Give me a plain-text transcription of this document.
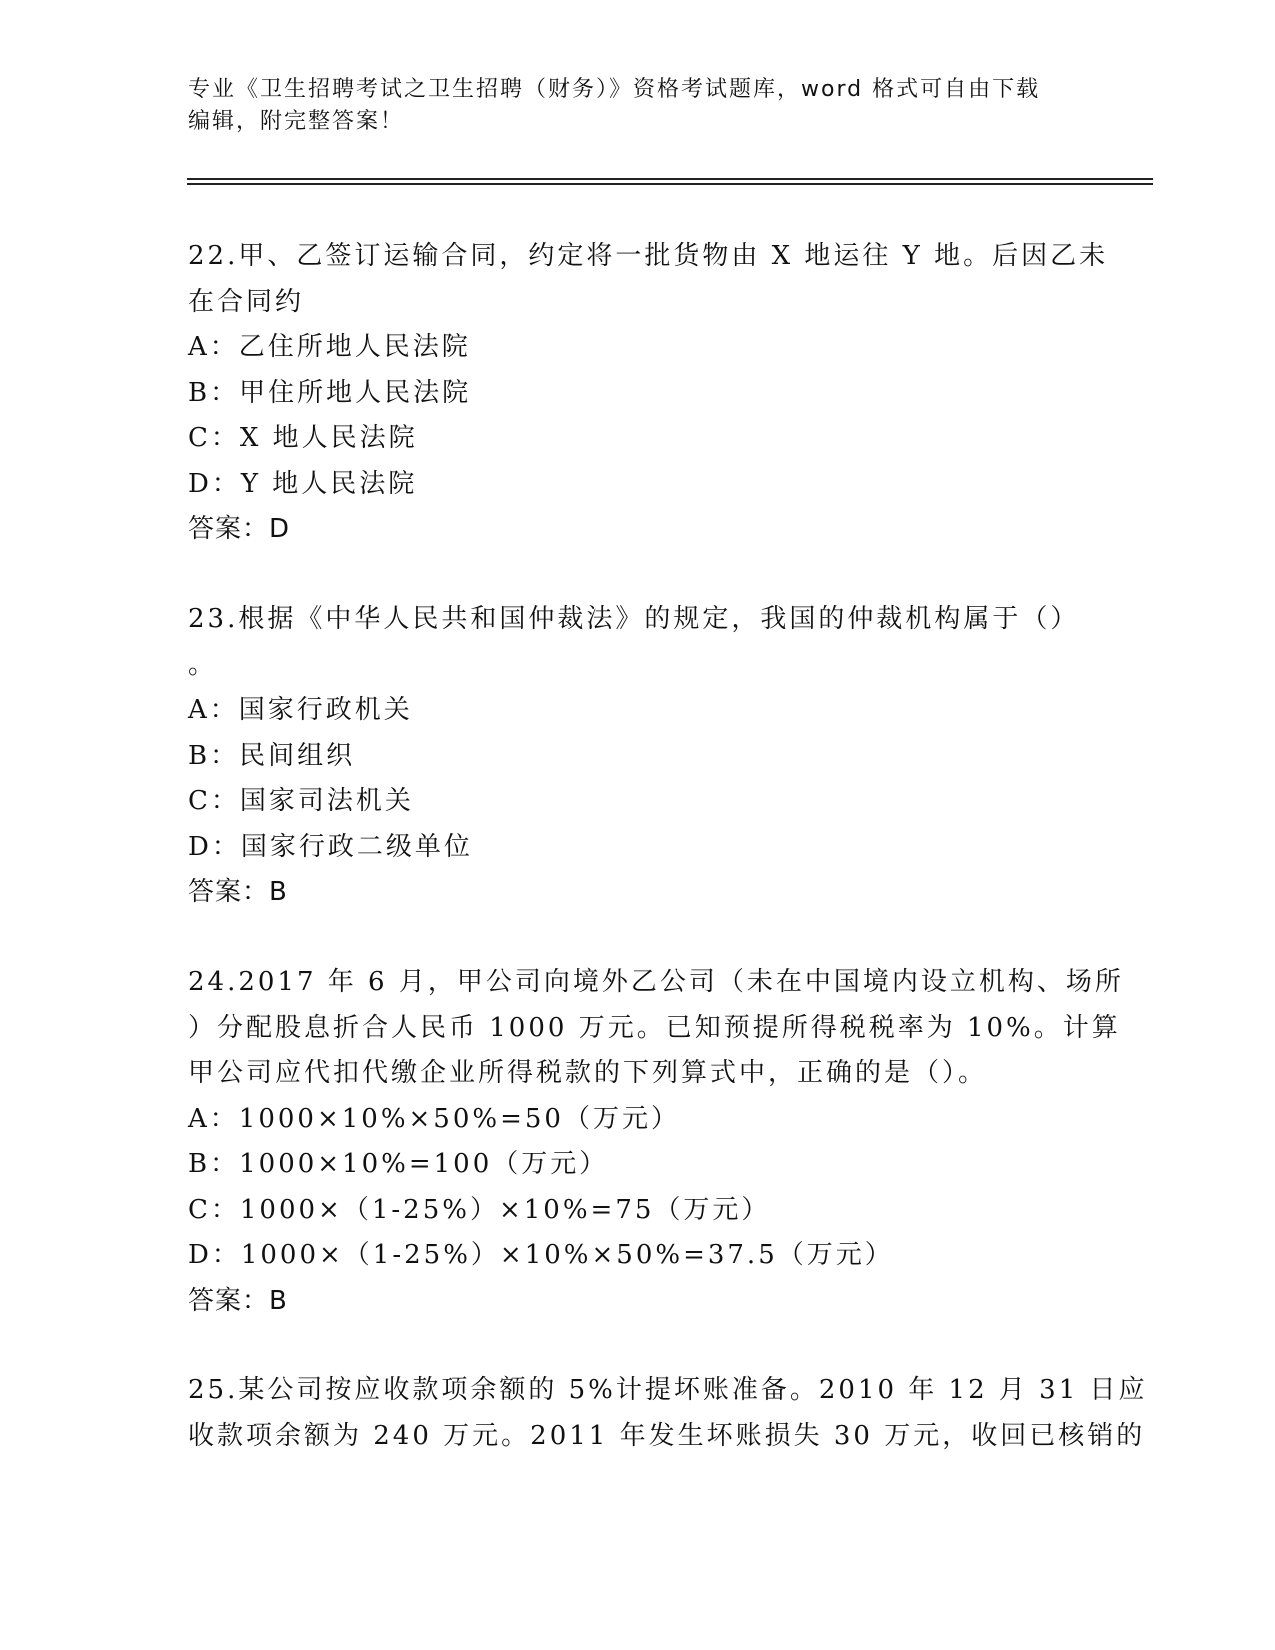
专业《卫生招聘考试之卫生招聘（财务）》资格考试题库，word 格式可自由下载
编辑，附完整答案！
22.甲、乙签订运输合同，约定将一批货物由 X 地运往 Y 地。后因乙未
在合同约
A：乙住所地人民法院
B：甲住所地人民法院
C：X 地人民法院
D：Y 地人民法院
答案：D
23.根据《中华人民共和国仲裁法》的规定，我国的仲裁机构属于（）
。
A：国家行政机关
B：民间组织
C：国家司法机关
D：国家行政二级单位
答案：B
24.2017 年 6 月，甲公司向境外乙公司（未在中国境内设立机构、场所
）分配股息折合人民币 1000 万元。已知预提所得税税率为 10%。计算
甲公司应代扣代缴企业所得税款的下列算式中，正确的是（）。
A：1000×10%×50%=50（万元）
B：1000×10%=100（万元）
C：1000×（1-25%）×10%=75（万元）
D：1000×（1-25%）×10%×50%=37.5（万元）
答案：B
25.某公司按应收款项余额的 5%计提坏账准备。2010 年 12 月 31 日应
收款项余额为 240 万元。2011 年发生坏账损失 30 万元，收回已核销的
